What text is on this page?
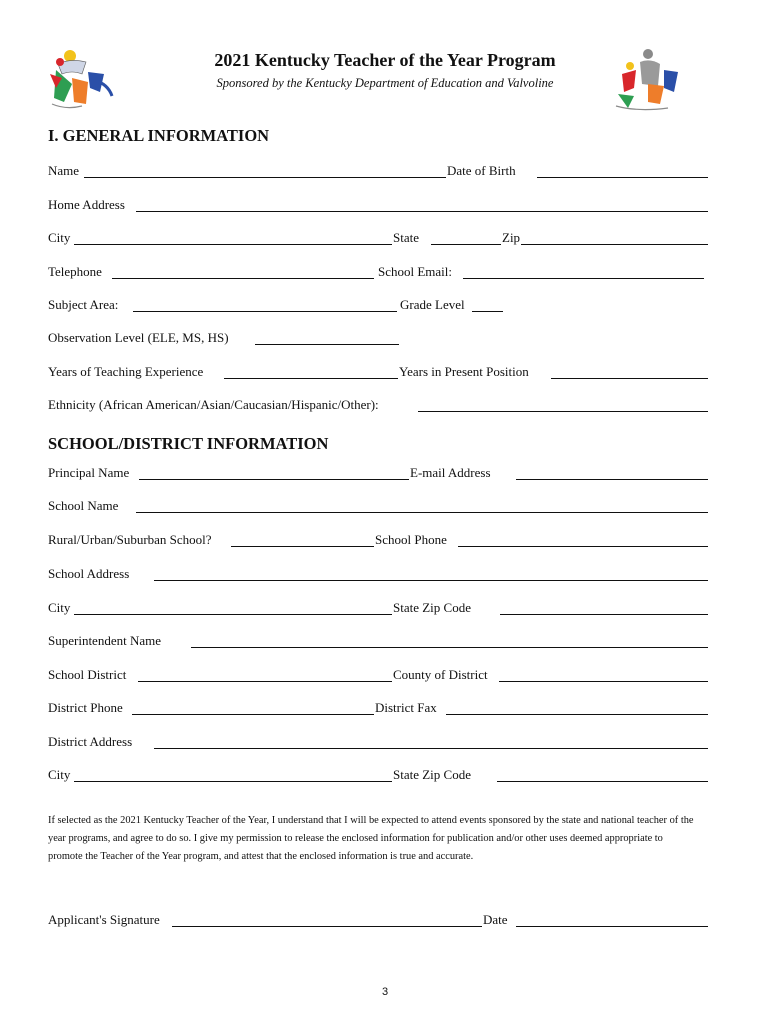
2021 Kentucky Teacher of the Year Program
Sponsored by the Kentucky Department of Education and Valvoline
I. GENERAL INFORMATION
Name	Date of Birth
Home Address
City	State	Zip
Telephone	School Email:
Subject Area:	Grade Level
Observation Level (ELE, MS, HS)
Years of Teaching Experience	Years in Present Position
Ethnicity (African American/Asian/Caucasian/Hispanic/Other):
SCHOOL/DISTRICT INFORMATION
Principal Name	E-mail Address
School Name
Rural/Urban/Suburban School?	School Phone
School Address
City	State Zip Code
Superintendent Name
School District	County of District
District Phone	District Fax
District Address
City	State Zip Code
If selected as the 2021 Kentucky Teacher of the Year, I understand that I will be expected to attend events sponsored by the state and national teacher of the year programs, and agree to do so. I give my permission to release the enclosed information for publication and/or other uses deemed appropriate to promote the Teacher of the Year program, and attest that the enclosed information is true and accurate.
Applicant's Signature	Date
3
